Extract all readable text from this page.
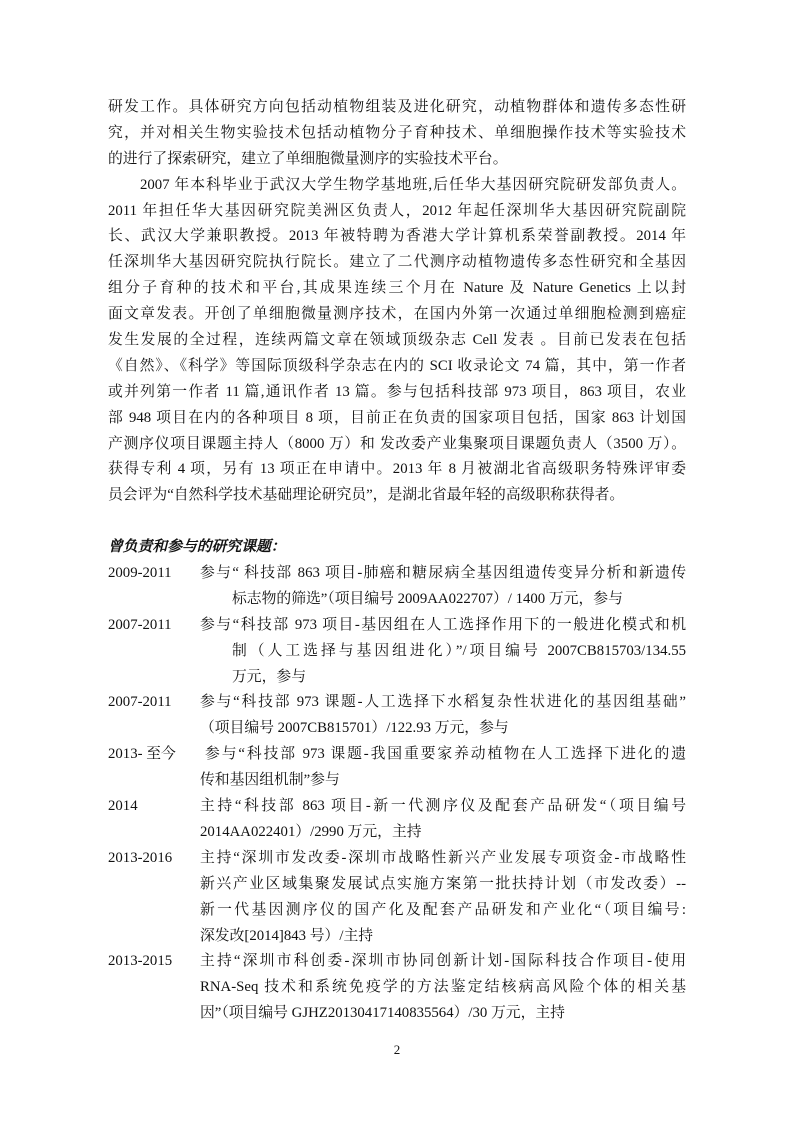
研发工作。具体研究方向包括动植物组装及进化研究，动植物群体和遗传多态性研
究，并对相关生物实验技术包括动植物分子育种技术、单细胞操作技术等实验技术
的进行了探索研究，建立了单细胞微量测序的实验技术平台。
2007 年本科毕业于武汉大学生物学基地班,后任华大基因研究院研发部负责人。
2011 年担任华大基因研究院美洲区负责人，2012 年起任深圳华大基因研究院副院
长、武汉大学兼职教授。2013 年被特聘为香港大学计算机系荣誉副教授。2014 年
任深圳华大基因研究院执行院长。建立了二代测序动植物遗传多态性研究和全基因
组分子育种的技术和平台,其成果连续三个月在 Nature 及 Nature Genetics 上以封
面文章发表。开创了单细胞微量测序技术，在国内外第一次通过单细胞检测到癌症
发生发展的全过程，连续两篇文章在领域顶级杂志 Cell 发表 。目前已发表在包括
《自然》、《科学》等国际顶级科学杂志在内的 SCI 收录论文 74 篇，其中，第一作者
或并列第一作者 11 篇,通讯作者 13 篇。参与包括科技部 973 项目，863 项目，农业
部 948 项目在内的各种项目 8 项，目前正在负责的国家项目包括，国家 863 计划国
产测序仪项目课题主持人（8000 万）和 发改委产业集聚项目课题负责人（3500 万）。
获得专利 4 项，另有 13 项正在申请中。2013 年 8 月被湖北省高级职务特殊评审委
员会评为“自然科学技术基础理论研究员”，是湖北省最年轻的高级职称获得者。
曾负责和参与的研究课题：
2009-2011	参与“ 科技部 863 项目-肺癌和糖尿病全基因组遗传变异分析和新遗传
标志物的筛选”（项目编号 2009AA022707）/ 1400 万元，参与
2007-2011	参与“科技部 973 项目-基因组在人工选择作用下的一般进化模式和机
制（人工选择与基因组进化）”/项目编号 2007CB815703/134.55
万元，参与
2007-2011	参与“科技部 973 课题-人工选择下水稻复杂性状进化的基因组基础”
（项目编号 2007CB815701）/122.93 万元，参与
2013- 至今	参与“科技部 973 课题-我国重要家养动植物在人工选择下进化的遗
传和基因组机制”参与
2014	主持“科技部 863 项目-新一代测序仪及配套产品研发“（项目编号
2014AA022401）/2990 万元，主持
2013-2016	主持“深圳市发改委-深圳市战略性新兴产业发展专项资金-市战略性
新兴产业区域集聚发展试点实施方案第一批扶持计划（市发改委）--
新一代基因测序仪的国产化及配套产品研发和产业化“（项目编号:
深发改[2014]843 号）/主持
2013-2015	主持“深圳市科创委-深圳市协同创新计划-国际科技合作项目-使用
RNA-Seq 技术和系统免疫学的方法鉴定结核病高风险个体的相关基
因”（项目编号 GJHZ20130417140835564）/30 万元，主持
2
